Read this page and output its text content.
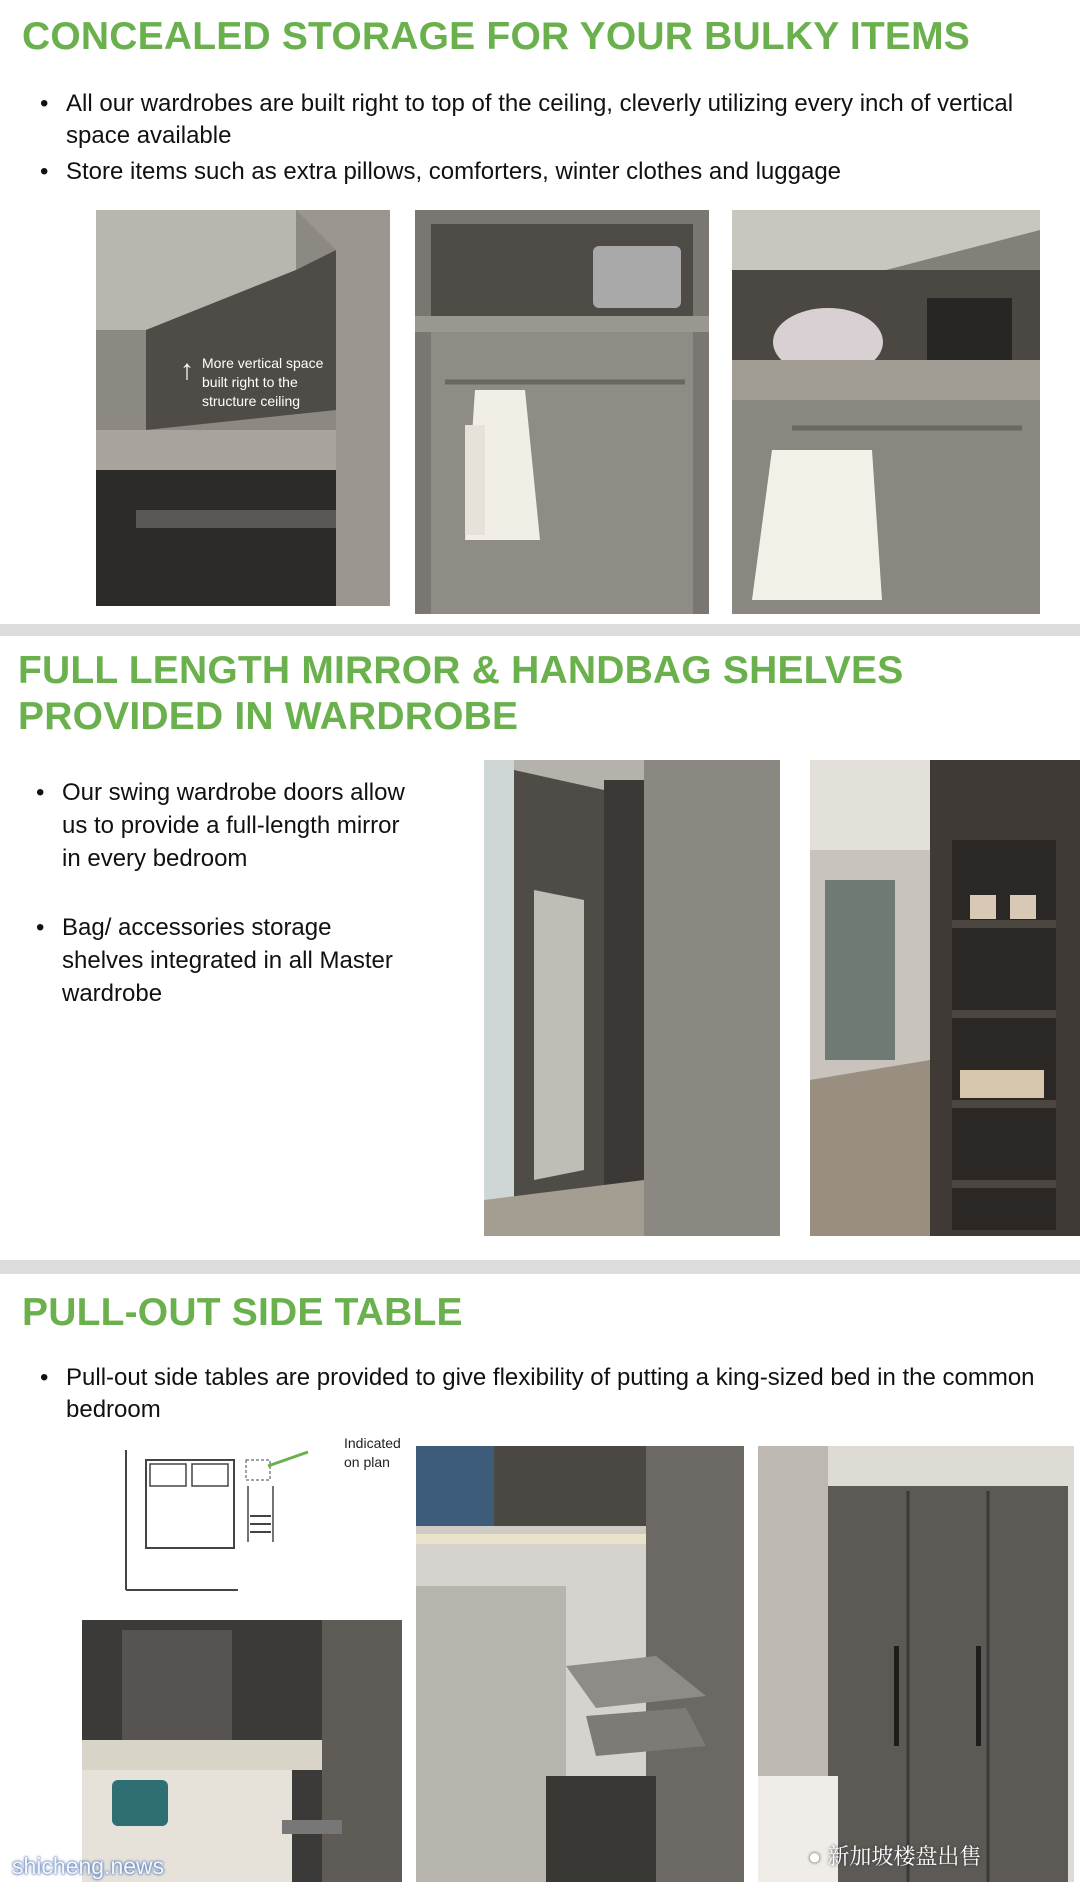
CONCEALED STORAGE FOR YOUR BULKY ITEMS
• All our wardrobes are built right to top of the ceiling, cleverly utilizing every inch of vertical space available
• Store items such as extra pillows, comforters, winter clothes and luggage
More vertical space
built right to the
structure ceiling
↑
FULL LENGTH MIRROR & HANDBAG SHELVES
PROVIDED IN WARDROBE
• Our swing wardrobe doors allow us to provide a full-length mirror in every bedroom
• Bag/ accessories storage shelves integrated in all Master wardrobe
PULL-OUT SIDE TABLE
• Pull-out side tables are provided to give flexibility of putting a king-sized bed in the common bedroom
Indicated
on plan
● 新加坡楼盘出售
shicheng.news
